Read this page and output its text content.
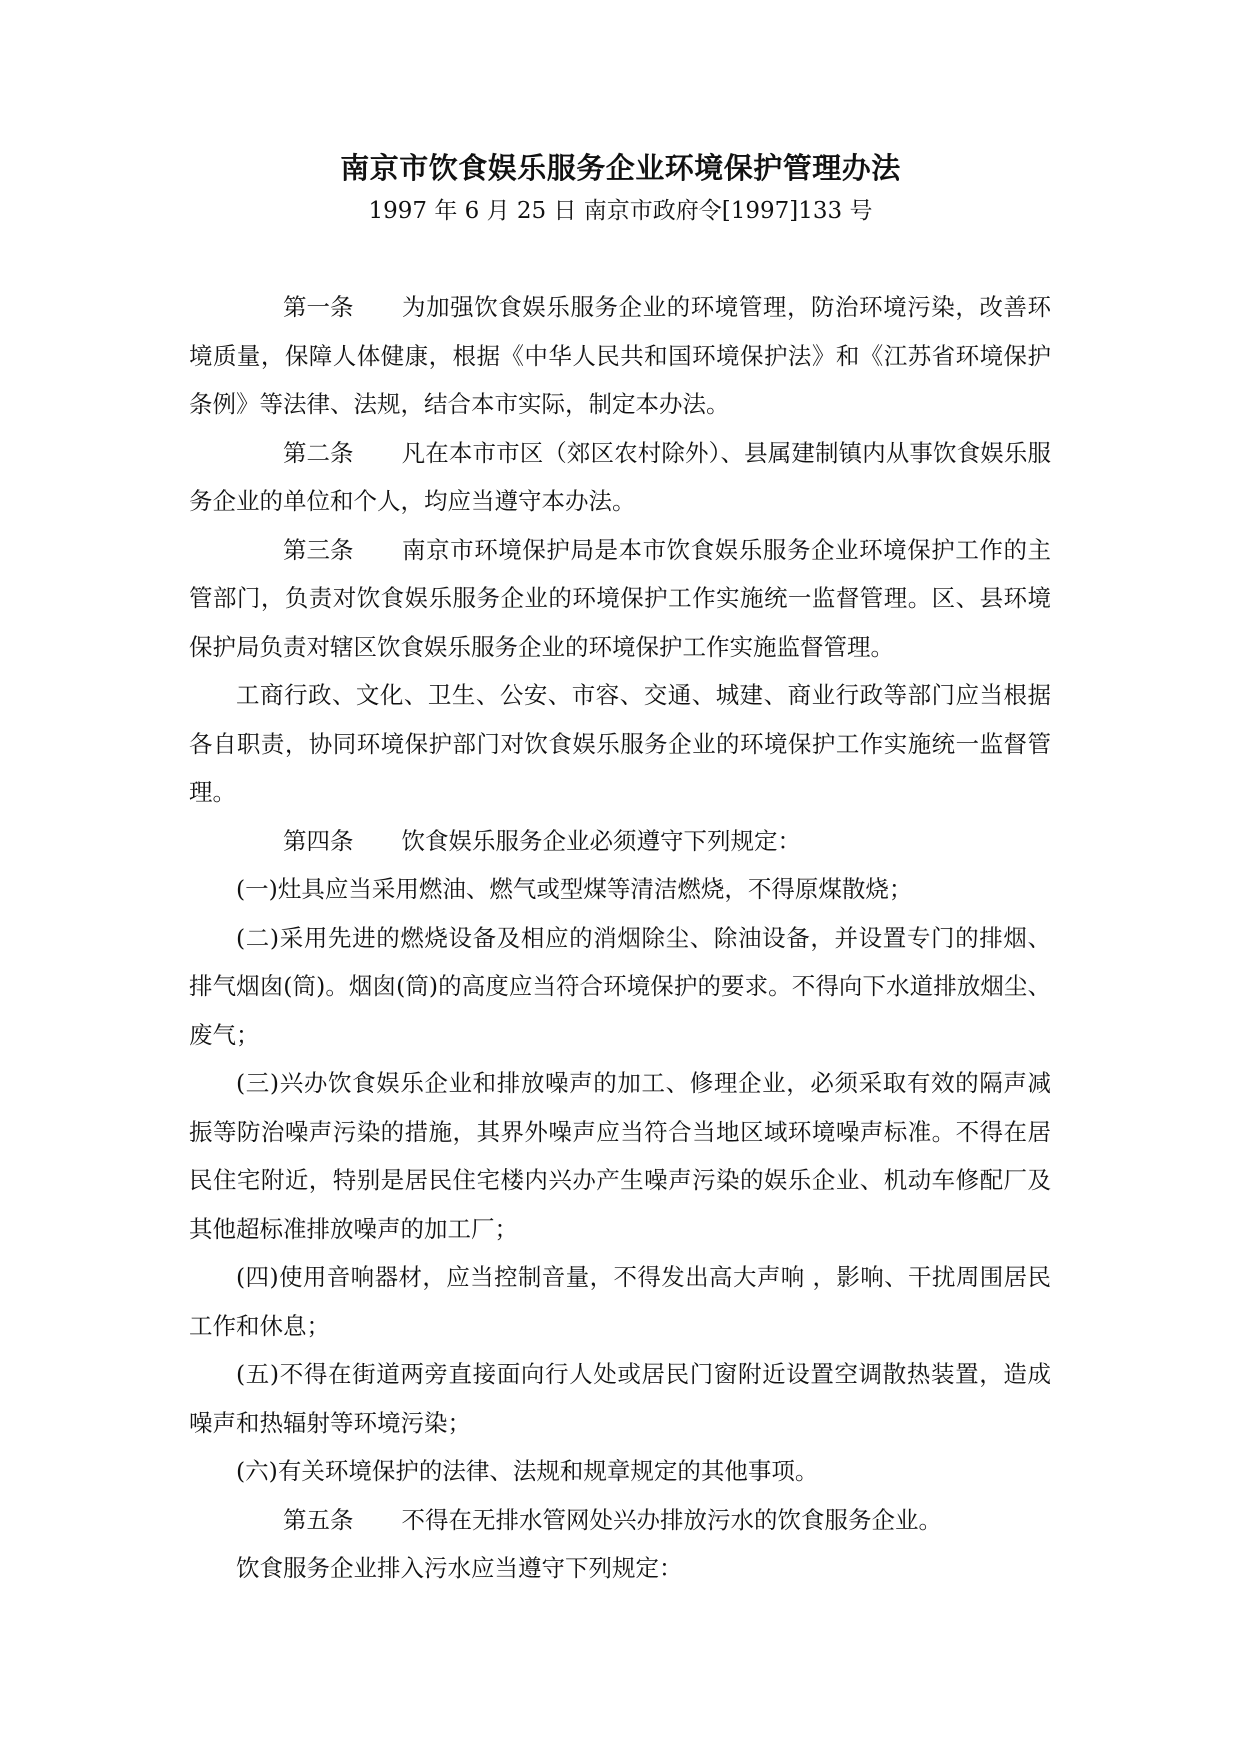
南京市饮食娱乐服务企业环境保护管理办法
1997 年 6 月 25 日 南京市政府令[1997]133 号

第一条 为加强饮食娱乐服务企业的环境管理，防治环境污染，改善环境质量，保障人体健康，根据《中华人民共和国环境保护法》和《江苏省环境保护条例》等法律、法规，结合本市实际，制定本办法。

第二条 凡在本市市区（郊区农村除外）、县属建制镇内从事饮食娱乐服务企业的单位和个人，均应当遵守本办法。

第三条 南京市环境保护局是本市饮食娱乐服务企业环境保护工作的主管部门，负责对饮食娱乐服务企业的环境保护工作实施统一监督管理。区、县环境保护局负责对辖区饮食娱乐服务企业的环境保护工作实施监督管理。

工商行政、文化、卫生、公安、市容、交通、城建、商业行政等部门应当根据各自职责，协同环境保护部门对饮食娱乐服务企业的环境保护工作实施统一监督管理。

第四条 饮食娱乐服务企业必须遵守下列规定：

(一)灶具应当采用燃油、燃气或型煤等清洁燃烧，不得原煤散烧；

(二)采用先进的燃烧设备及相应的消烟除尘、除油设备，并设置专门的排烟、排气烟囱(筒)。烟囱(筒)的高度应当符合环境保护的要求。不得向下水道排放烟尘、废气；

(三)兴办饮食娱乐企业和排放噪声的加工、修理企业，必须采取有效的隔声减振等防治噪声污染的措施，其界外噪声应当符合当地区域环境噪声标准。不得在居民住宅附近，特别是居民住宅楼内兴办产生噪声污染的娱乐企业、机动车修配厂及其他超标准排放噪声的加工厂；

(四)使用音响器材，应当控制音量，不得发出高大声响 ，影响、干扰周围居民工作和休息；

(五)不得在街道两旁直接面向行人处或居民门窗附近设置空调散热装置，造成噪声和热辐射等环境污染；

(六)有关环境保护的法律、法规和规章规定的其他事项。

第五条 不得在无排水管网处兴办排放污水的饮食服务企业。

饮食服务企业排入污水应当遵守下列规定：
